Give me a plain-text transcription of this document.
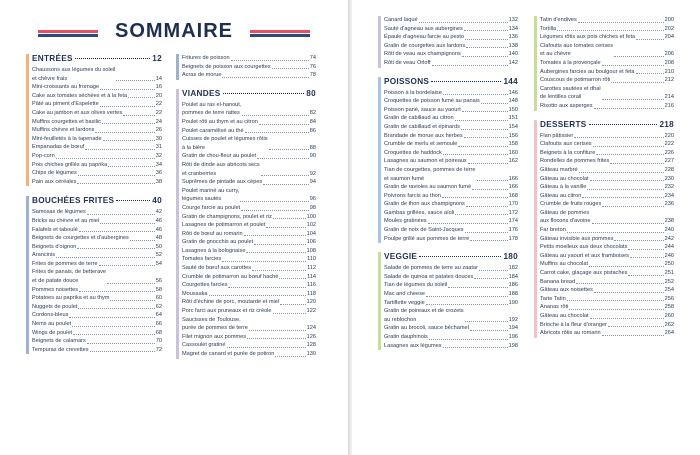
SOMMAIRE
ENTRÉES	12
Chaussons aux légumes du soleil
et chèvre frais	14
Mini-croissants au fromage	16
Cake aux tomates séchées et à la feta	20
Pâté au piment d'Espelette	22
Cake au jambon et aux olives vertes	22
Muffins courgettes et basilic	24
Muffins chèvre et lardons	26
Mini-feuilletés à la tapenade	30
Empanadas de bœuf	31
Pop-corn	32
Pois chiches grillés au paprika	34
Chips de légumes	36
Pain aux céréales	38
BOUCHÉES FRITES	40
Samosas de légumes	42
Bricks au chèvre et au miel	46
Falafels et taboulé	46
Beignets de courgettes et d'aubergines	48
Beignets d'oignon	50
Arancinis	52
Frites de pommes de terre	54
Frites de panais, de betterave
et de patate douce	56
Pommes noisettes	58
Potatoes au paprika et au thym	60
Nuggets de poulet	62
Cordons-bleus	64
Nems au poulet	66
Wings de poulet	68
Beignets de calamars	70
Tempuras de crevettes	72
Fritures de poisson	74
Beignets de poisson aux courgettes	76
Acras de morue	78
VIANDES	80
Poulet au ras el-hanout,
pommes de terre rattes	82
Poulet rôti au thym et au citron	84
Poulet caramélisé au thé	86
Cuisses de poulet et légumes rôtis
à la bière	88
Gratin de chou-fleur au poulet	90
Rôti de dinde aux abricots secs
et cranberries	92
Suprêmes de pintade aux cèpes	94
Poulet mariné au curry,
légumes sautés	96
Courge farcie au poulet	98
Gratin de champignons, poulet et riz	100
Lasagnes de potimarron et poulet	102
Rôti de bœuf au romarin	104
Gratin de gnocchis au poulet	106
Lasagnes à la bolognaise	108
Tomates farcies	110
Sauté de bœuf aux carottes	112
Crumble de potimarron au bœuf haché	114
Courgettes farcies	116
Moussaka	118
Rôti d'échine de porc, moutarde et miel	120
Porc farci aux pruneaux et riz créole	122
Saucisses de Toulouse,
purée de pommes de terre	124
Filet mignon aux pommes	126
Cassoulet gratiné	128
Magret de canard et purée de potiron	130
Canard laqué	132
Sauté d'agneau aux aubergines	134
Épaule d'agneau farcie au pesto	136
Gratin de courgettes aux lardons	138
Rôti de veau aux champignons	140
Rôti de veau Orloff	142
POISSONS	144
Poisson à la bordelaise	146
Croquettes de poisson fumé au panais	148
Poisson pané, sauce au yaourt	150
Gratin de cabillaud au citron	151
Gratin de cabillaud et épinards	154
Brandade de morue aux herbes	156
Crumble de merlu et semoule	158
Croquettes de haddock	160
Lasagnes au saumon et poireaux	162
Tian de courgettes, pommes de terre
et saumon fumé	166
Gratin de ravioles au saumon fumé	166
Poivrons farcis au thon	168
Gratin de thon aux champignons	170
Gambas grillées, sauce aïoli	172
Moules gratinées	174
Gratin de noix de Saint-Jacques	176
Poulpe grillé aux pommes de terre	178
VEGGIE	180
Salade de pommes de terre au zaatar	182
Salade de quinoa et patates douces	184
Tian de légumes du soleil	186
Mac and cheese	188
Tartiflette veggie	190
Gratin de poireaux et de crozets
au reblochon	192
Gratin au brocoli, sauce béchamel	194
Gratin dauphinois	196
Lasagnes aux légumes	198
Tatin d'endives	200
Tortilla	202
Légumes rôtis aux pois chiches et feta	204
Clafoutis aux tomates cerises
et au chèvre	206
Tomates à la provençale	208
Aubergines farcies au boulgour et feta	210
Couscous de potimarron rôti	212
Carottes sautées et dhal
de lentilles corail	214
Risotto aux asperges	216
DESSERTS	218
Flan pâtissier	220
Clafoutis aux cerises	222
Beignets à la confiture	226
Rondelles de pommes frites	227
Gâteau marbré	228
Gâteau au chocolat	230
Gâteau à la vanille	232
Gâteau au citron	234
Crumble de fruits rouges	236
Gâteau de pommes
aux flocons d'avoine	238
Far breton	240
Gâteau invisible aux pommes	242
Petits moelleux aux deux chocolats	244
Gâteau au yaourt et aux framboises	246
Muffins au chocolat	250
Carrot cake, glaçage aux pistaches	251
Banana bread	252
Gâteau aux noisettes	254
Tarte Tatin	256
Ananas rôti	258
Gâteau au chocolat	260
Brioche à la fleur d'oranger	262
Abricots rôtis au romarin	264
